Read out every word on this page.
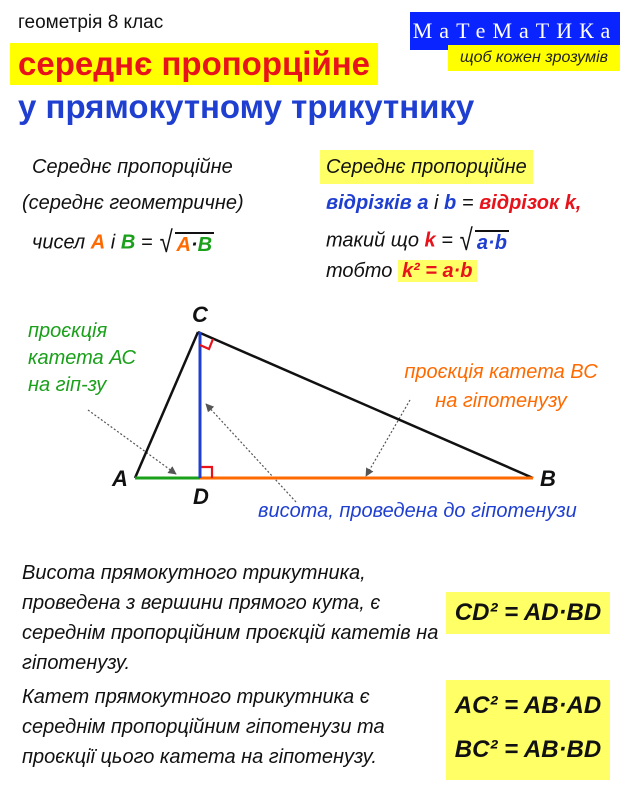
геометрія 8 клас
середнє пропорційне
у прямокутному трикутнику
МаТеМаТИКа
щоб кожен зрозумів
Середнє пропорційне
(середнє геометричне)
чисел A і B = √ A·B
Середнє пропорційне
відрізків a і b = відрізок k,
такий що k = √ a·b
тобто k² = a·b
C
A	B
D
проєкція катета АС на гіп-зу
проєкція катета ВС на гіпотенузу
висота, проведена до гіпотенузи
Висота прямокутного трикутника, проведена з вершини прямого кута, є середнім пропорційним проєкцій катетів на гіпотенузу.
CD² = AD·BD
Катет прямокутного трикутника є середнім пропорційним гіпотенузи та проєкції цього катета на гіпотенузу.
AC² = AB·AD
BC² = AB·BD
